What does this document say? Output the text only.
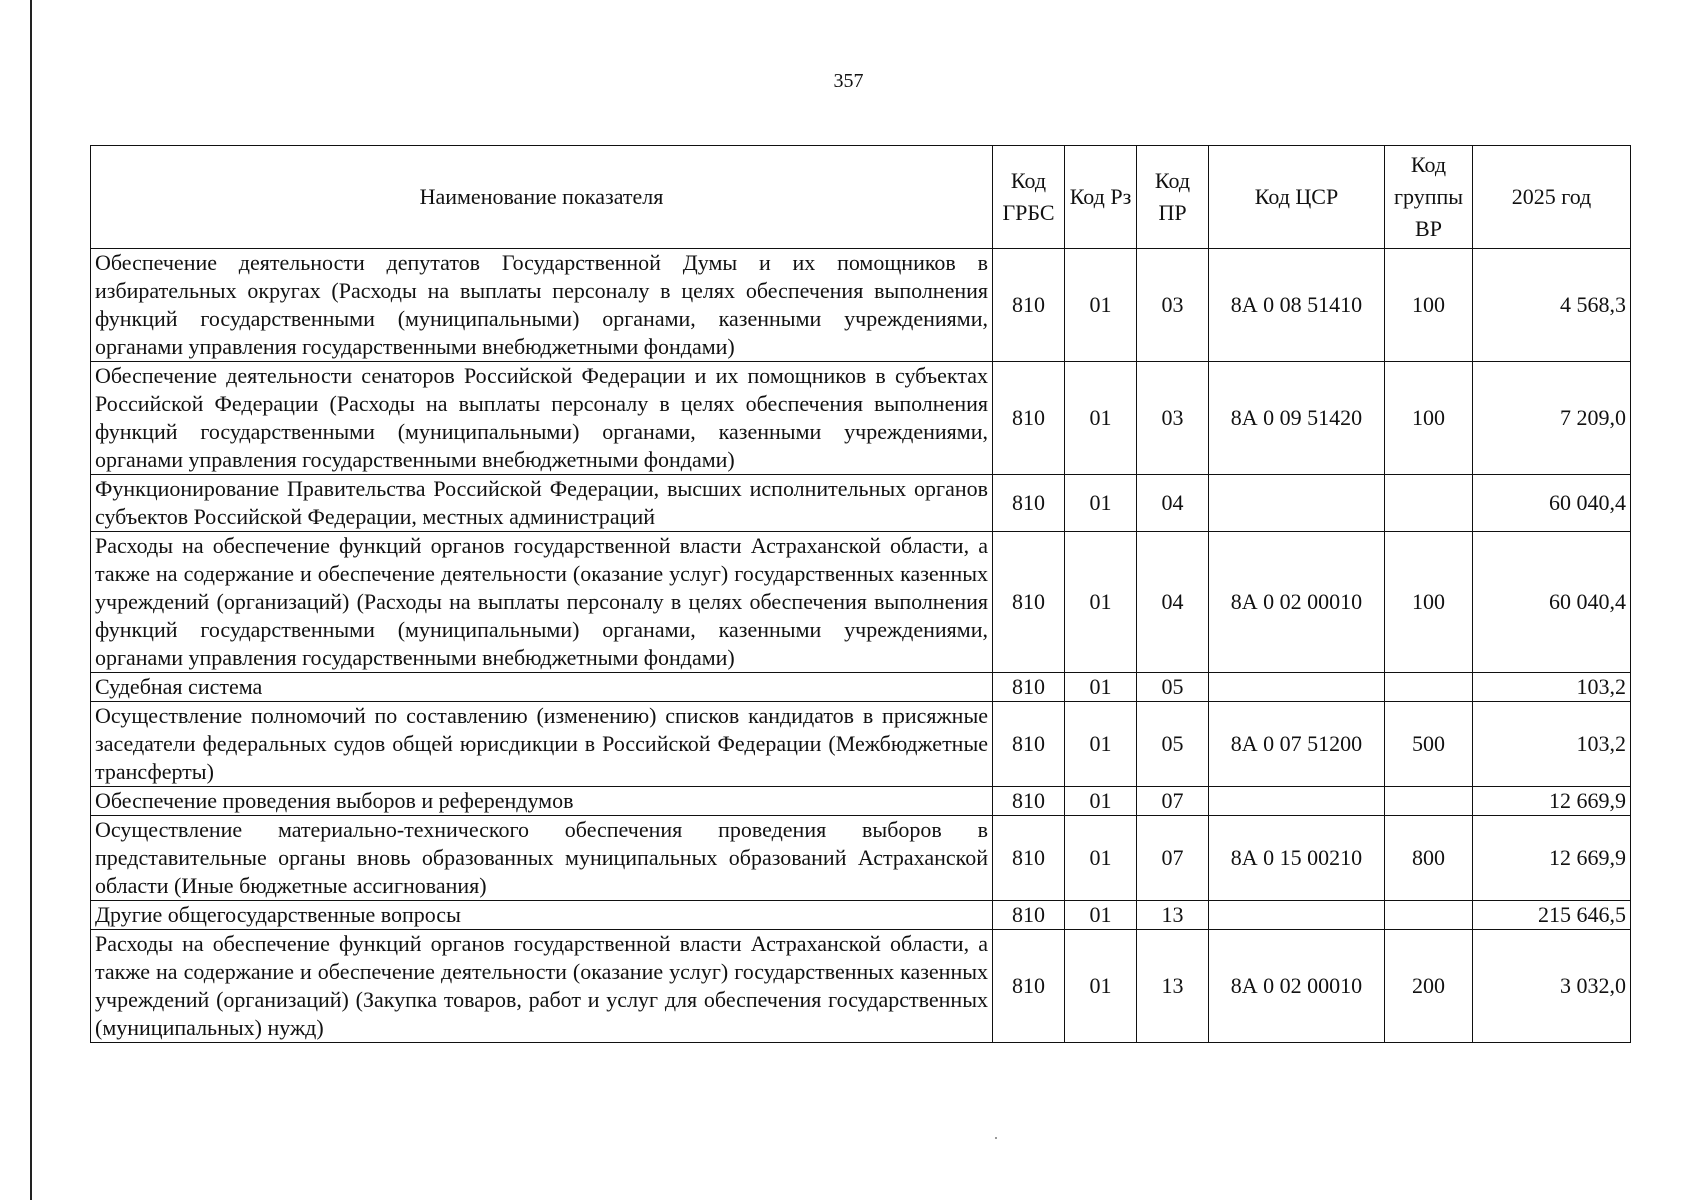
357
Наименование показателя	Код ГРБС	Код Рз	Код ПР	Код ЦСР	Код группы ВР	2025 год
Обеспечение деятельности депутатов Государственной Думы и их помощников в избирательных округах (Расходы на выплаты персоналу в целях обеспечения выполнения функций государственными (муниципальными) органами, казенными учреждениями, органами управления государственными внебюджетными фондами)	810	01	03	8А 0 08 51410	100	4 568,3
Обеспечение деятельности сенаторов Российской Федерации и их помощников в субъектах Российской Федерации (Расходы на выплаты персоналу в целях обеспечения выполнения функций государственными (муниципальными) органами, казенными учреждениями, органами управления государственными внебюджетными фондами)	810	01	03	8А 0 09 51420	100	7 209,0
Функционирование Правительства Российской Федерации, высших исполнительных органов субъектов Российской Федерации, местных администраций	810	01	04			60 040,4
Расходы на обеспечение функций органов государственной власти Астраханской области, а также на содержание и обеспечение деятельности (оказание услуг) государственных казенных учреждений (организаций) (Расходы на выплаты персоналу в целях обеспечения выполнения функций государственными (муниципальными) органами, казенными учреждениями, органами управления государственными внебюджетными фондами)	810	01	04	8А 0 02 00010	100	60 040,4
Судебная система	810	01	05			103,2
Осуществление полномочий по составлению (изменению) списков кандидатов в присяжные заседатели федеральных судов общей юрисдикции в Российской Федерации (Межбюджетные трансферты)	810	01	05	8А 0 07 51200	500	103,2
Обеспечение проведения выборов и референдумов	810	01	07			12 669,9
Осуществление материально-технического обеспечения проведения выборов в представительные органы вновь образованных муниципальных образований Астраханской области (Иные бюджетные ассигнования)	810	01	07	8А 0 15 00210	800	12 669,9
Другие общегосударственные вопросы	810	01	13			215 646,5
Расходы на обеспечение функций органов государственной власти Астраханской области, а также на содержание и обеспечение деятельности (оказание услуг) государственных казенных учреждений (организаций) (Закупка товаров, работ и услуг для обеспечения государственных (муниципальных) нужд)	810	01	13	8А 0 02 00010	200	3 032,0
